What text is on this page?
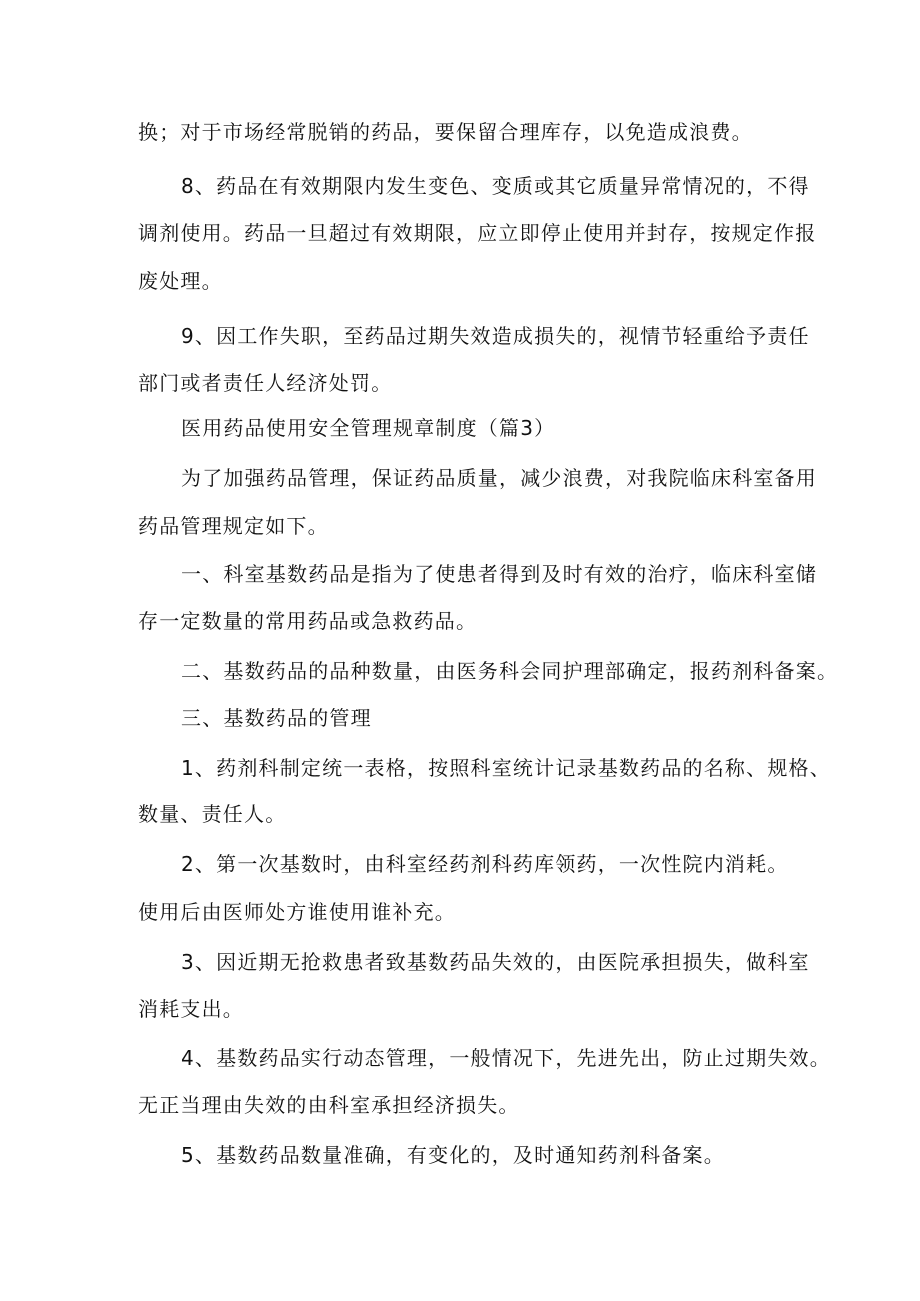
换；对于市场经常脱销的药品，要保留合理库存，以免造成浪费。
8、药品在有效期限内发生变色、变质或其它质量异常情况的，不得
调剂使用。药品一旦超过有效期限，应立即停止使用并封存，按规定作报
废处理。
9、因工作失职，至药品过期失效造成损失的，视情节轻重给予责任
部门或者责任人经济处罚。
医用药品使用安全管理规章制度（篇3）
为了加强药品管理，保证药品质量，减少浪费，对我院临床科室备用
药品管理规定如下。
一、科室基数药品是指为了使患者得到及时有效的治疗，临床科室储
存一定数量的常用药品或急救药品。
二、基数药品的品种数量，由医务科会同护理部确定，报药剂科备案。
三、基数药品的管理
1、药剂科制定统一表格，按照科室统计记录基数药品的名称、规格、
数量、责任人。
2、第一次基数时，由科室经药剂科药库领药，一次性院内消耗。
使用后由医师处方谁使用谁补充。
3、因近期无抢救患者致基数药品失效的，由医院承担损失，做科室
消耗支出。
4、基数药品实行动态管理，一般情况下，先进先出，防止过期失效。
无正当理由失效的由科室承担经济损失。
5、基数药品数量准确，有变化的，及时通知药剂科备案。
